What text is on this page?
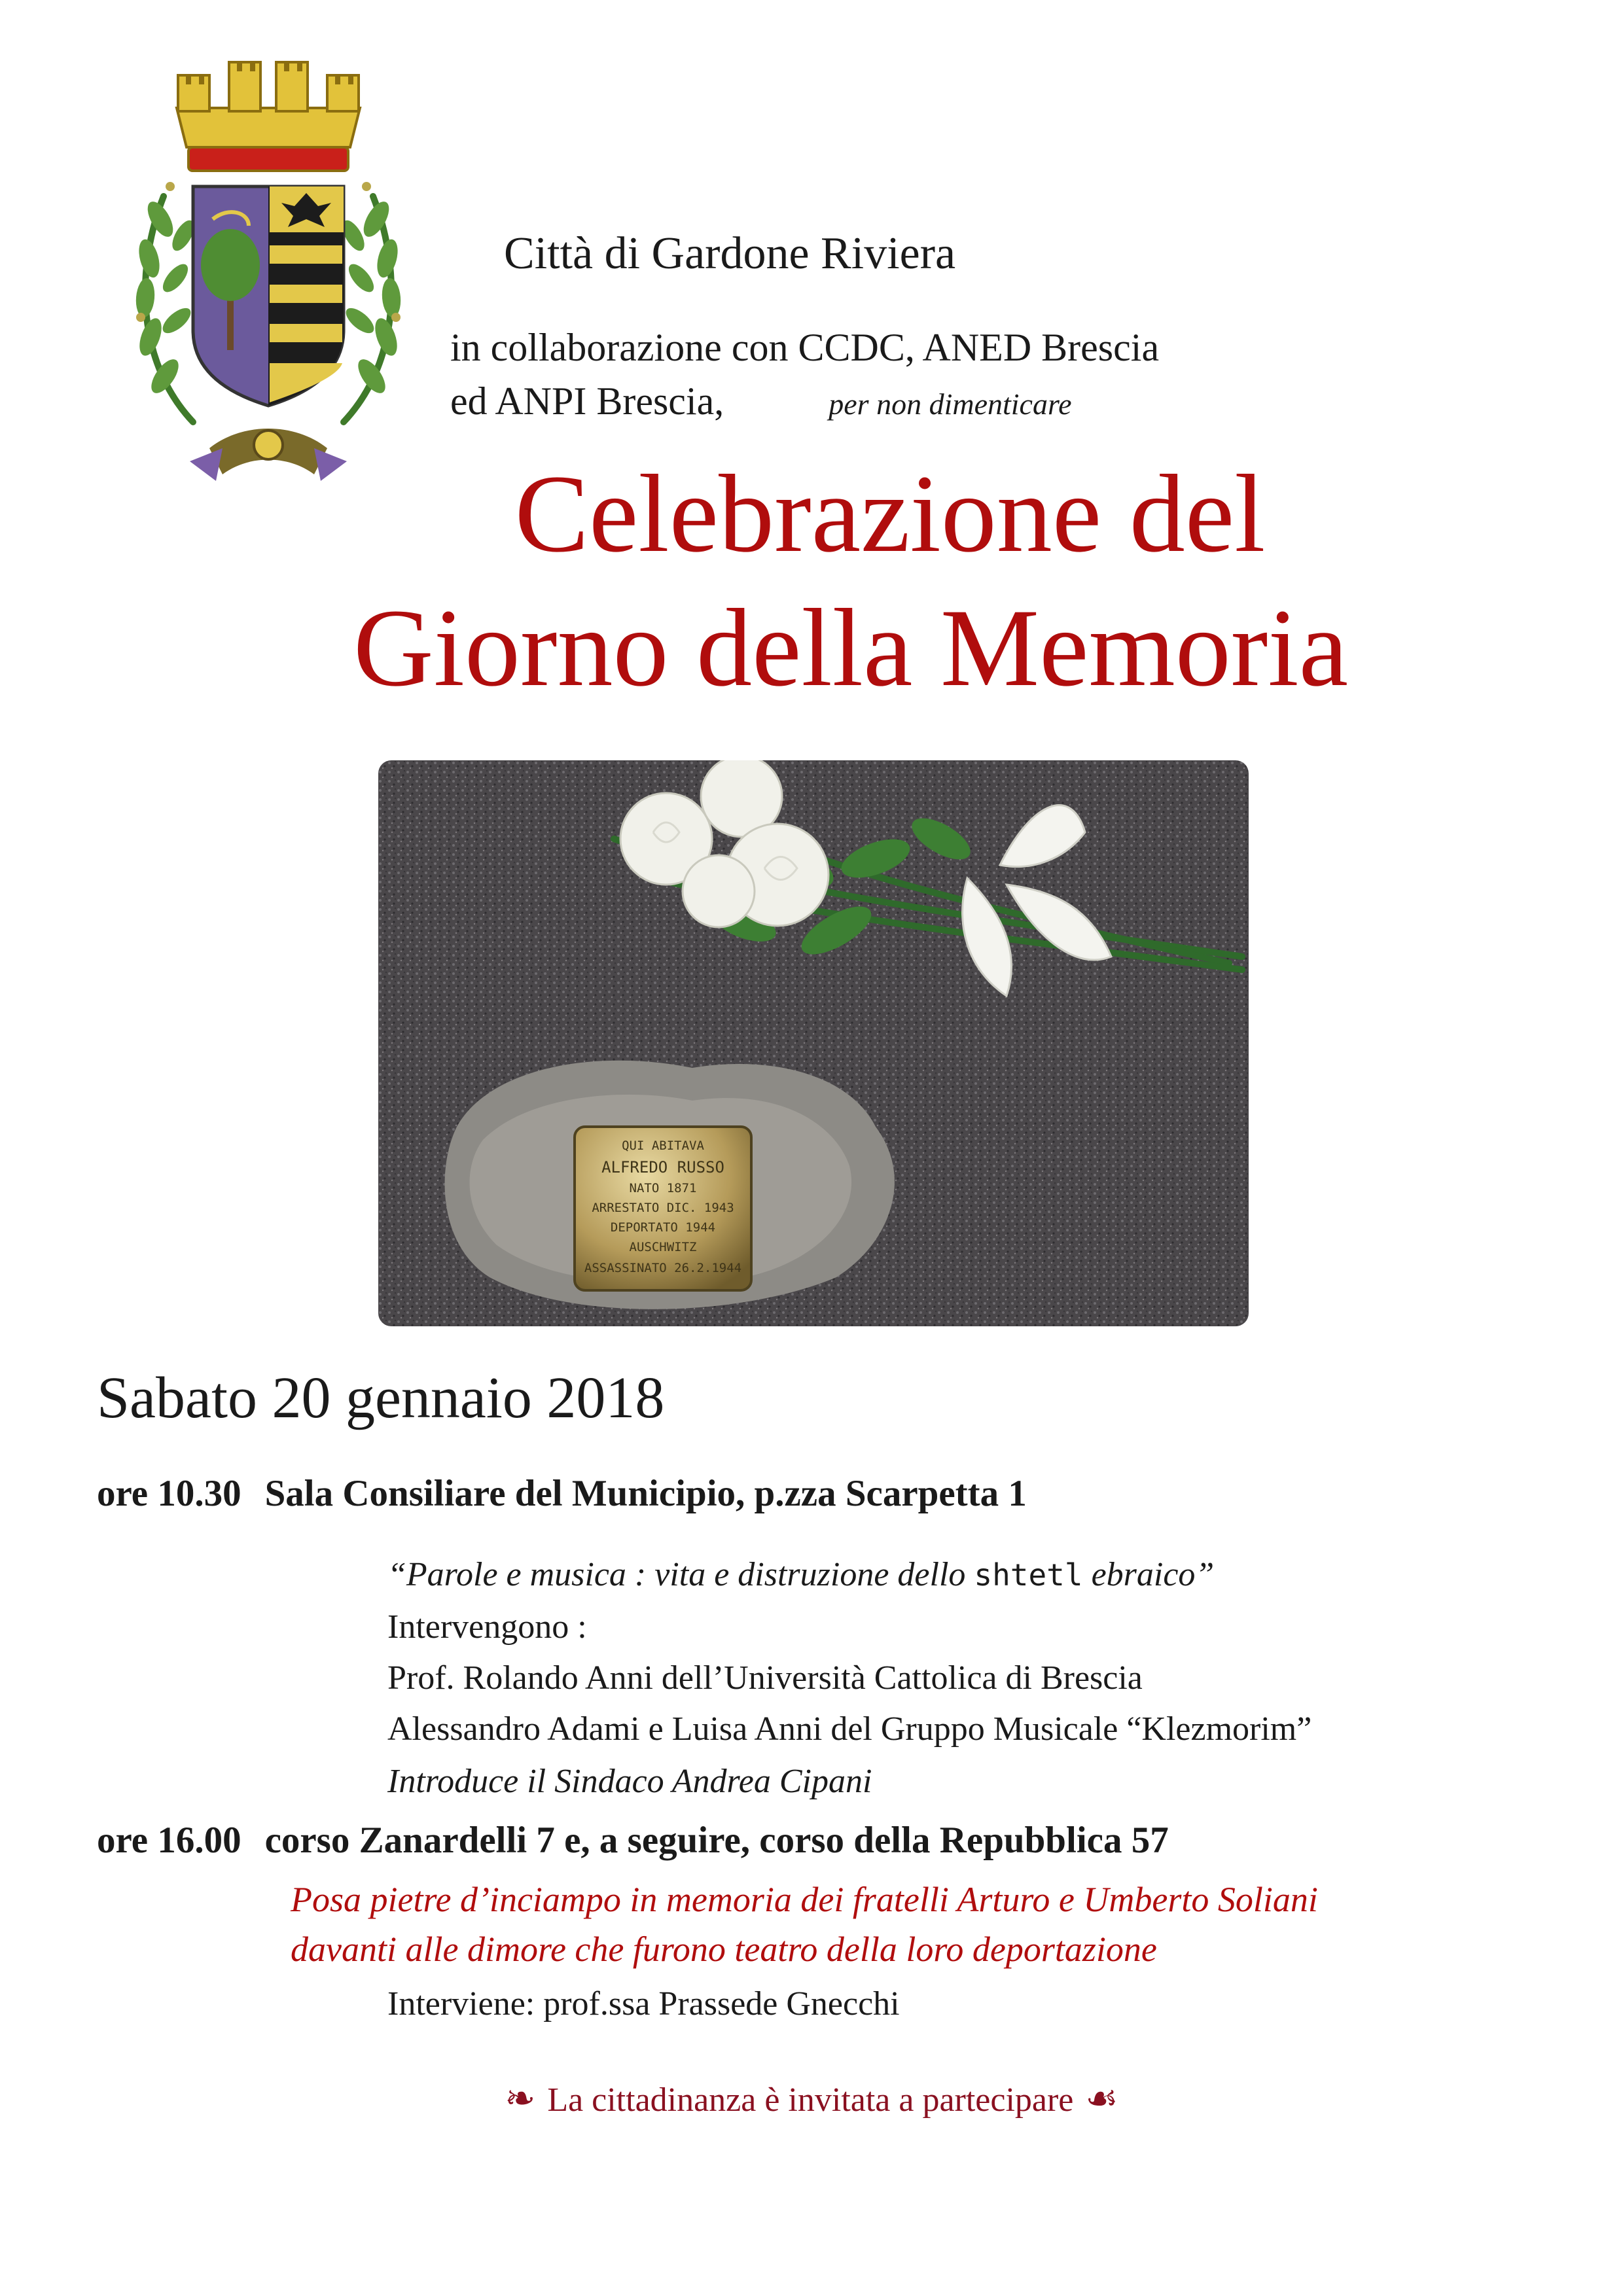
Città di Gardone Riviera
in collaborazione con CCDC, ANED Brescia
ed ANPI Brescia,	per non dimenticare
Celebrazione del
Giorno della Memoria
QUI ABITAVA
ALFREDO RUSSO
NATO 1871
ARRESTATO DIC. 1943
DEPORTATO 1944
AUSCHWITZ
ASSASSINATO 26.2.1944
Sabato 20 gennaio 2018
ore 10.30 Sala Consiliare del Municipio, p.zza Scarpetta 1
“Parole e musica : vita e distruzione dello shtetl ebraico”
Intervengono :
Prof. Rolando Anni dell’Università Cattolica di Brescia
Alessandro Adami e Luisa Anni del Gruppo Musicale “Klezmorim”
Introduce il Sindaco Andrea Cipani
ore 16.00 corso Zanardelli 7 e, a seguire, corso della Repubblica 57
Posa pietre d’inciampo in memoria dei fratelli Arturo e Umberto Soliani
davanti alle dimore che furono teatro della loro deportazione
Interviene: prof.ssa Prassede Gnecchi
❧ La cittadinanza è invitata a partecipare ☙
